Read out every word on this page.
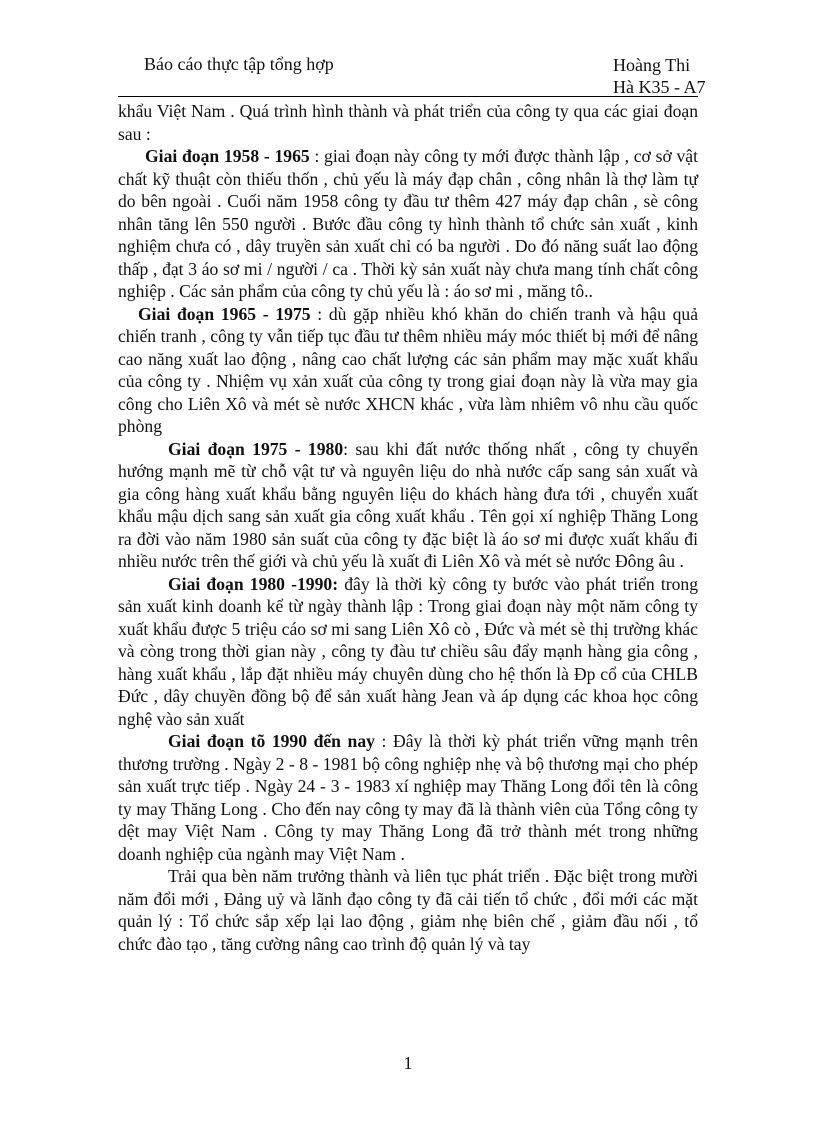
Báo cáo thực tập tổng hợp	Hoàng Thi
Hà K35 - A7

khẩu Việt Nam . Quá trình hình thành và phát triển của công ty qua các giai đoạn sau :

Giai đoạn 1958 - 1965 : giai đoạn này công ty mới được thành lập , cơ sở vật chất kỹ thuật còn thiếu thốn , chủ yếu là máy đạp chân , công nhân là thợ làm tự do bên ngoài . Cuối năm 1958 công ty đầu tư thêm 427 máy đạp chân , sè công nhân tăng lên 550 người . Bước đầu công ty hình thành tổ chức sản xuất , kinh nghiệm chưa có , dây truyền sản xuất chỉ có ba người . Do đó năng suất lao động thấp , đạt 3 áo sơ mi / người / ca . Thời kỳ sản xuất này chưa mang tính chất công nghiệp . Các sản phẩm của công ty chủ yếu là : áo sơ mi , măng tô..

Giai đoạn 1965 - 1975 : dù gặp nhiều khó khăn do chiến tranh và hậu quả chiến tranh , công ty vẫn tiếp tục đầu tư thêm nhiều máy móc thiết bị mới để nâng cao năng xuất lao động , nâng cao chất lượng các sản phẩm may mặc xuất khẩu của công ty . Nhiệm vụ xản xuất của công ty trong giai đoạn này là vừa may gia công cho Liên Xô và mét sè nước XHCN khác , vừa làm nhiêm vô nhu cầu quốc phòng

Giai đoạn 1975 - 1980: sau khi đất nước thống nhất , công ty chuyển hướng mạnh mẽ từ chỗ vật tư và nguyên liệu do nhà nước cấp sang sản xuất và gia công hàng xuất khẩu bằng nguyên liệu do khách hàng đưa tới , chuyển xuất khẩu mậu dịch sang sản xuất gia công xuất khẩu . Tên gọi xí nghiệp Thăng Long ra đời vào năm 1980 sản suất của công ty đặc biệt là áo sơ mi được xuất khẩu đi nhiều nước trên thế giới và chủ yếu là xuất đi Liên Xô và mét sè nước Đông âu .

Giai đoạn 1980 -1990: đây là thời kỳ công ty bước vào phát triển trong sản xuất kinh doanh kể từ ngày thành lập : Trong giai đoạn này một năm công ty xuất khẩu được 5 triệu cáo sơ mi sang Liên Xô cò , Đức và mét sè thị trường khác và còng trong thời gian này , công ty đàu tư chiều sâu đẩy mạnh hàng gia công , hàng xuất khẩu , lắp đặt nhiều máy chuyên dùng cho hệ thốn là Đp cổ của CHLB Đức , dây chuyền đồng bộ để sản xuất hàng Jean và áp dụng các khoa học công nghệ vào sản xuất

Giai đoạn tõ 1990 đến nay : Đây là thời kỳ phát triển vững mạnh trên thương trường . Ngày 2 - 8 - 1981 bộ công nghiệp nhẹ và bộ thương mại cho phép sản xuất trực tiếp . Ngày 24 - 3 - 1983 xí nghiệp may Thăng Long đổi tên là công ty may Thăng Long . Cho đến nay công ty may đã là thành viên của Tổng công ty dệt may Việt Nam . Công ty may Thăng Long đã trở thành mét trong những doanh nghiệp của ngành may Việt Nam .

Trải qua bèn năm trưởng thành và liên tục phát triển . Đặc biệt trong mười năm đổi mới , Đảng uỷ và lãnh đạo công ty đã cải tiến tổ chức , đổi mới các mặt quản lý : Tổ chức sắp xếp lại lao động , giảm nhẹ biên chế , giảm đầu nối , tổ chức đào tạo , tăng cường nâng cao trình độ quản lý và tay

1
